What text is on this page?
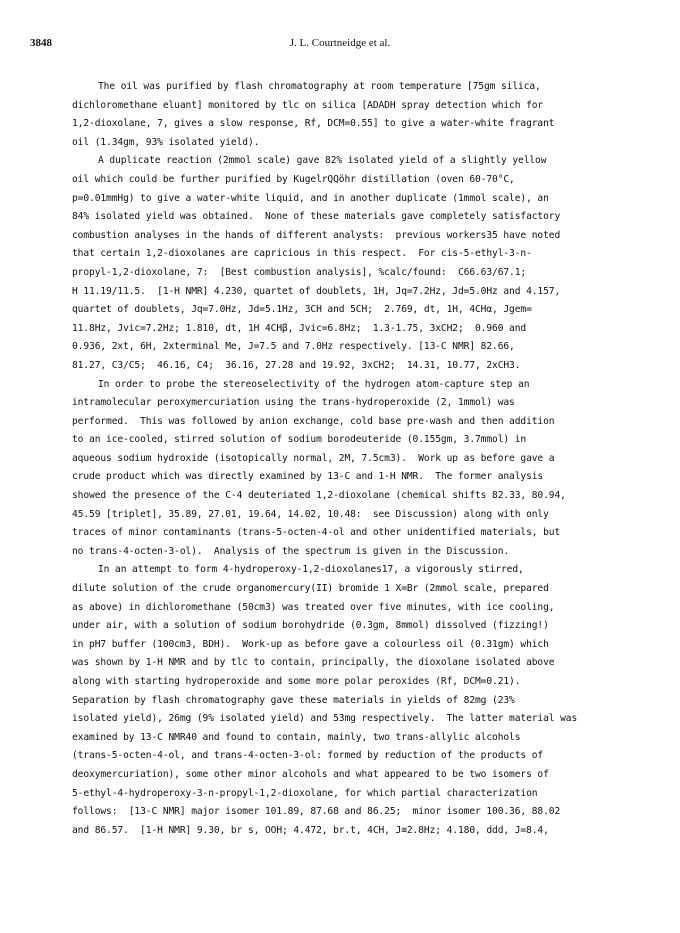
3848	J. L. Courtneidge et al.
The oil was purified by flash chromatography at room temperature [75gm silica,
dichloromethane eluant] monitored by tlc on silica [ADADH spray detection which for
1,2-dioxolane, 7, gives a slow response, Rf, DCM=0.55] to give a water-white fragrant
oil (1.34gm, 93% isolated yield).
A duplicate reaction (2mmol scale) gave 82% isolated yield of a slightly yellow
oil which could be further purified by KugelrQQöhr distillation (oven 60-70°C,
p=0.01mmHg) to give a water-white liquid, and in another duplicate (1mmol scale), an
84% isolated yield was obtained.  None of these materials gave completely satisfactory
combustion analyses in the hands of different analysts:  previous workers35 have noted
that certain 1,2-dioxolanes are capricious in this respect.  For cis-5-ethyl-3-n-
propyl-1,2-dioxolane, 7:  [Best combustion analysis], %calc/found:  C66.63/67.1;
H 11.19/11.5.  [1-H NMR] 4.230, quartet of doublets, 1H, Jq=7.2Hz, Jd=5.0Hz and 4.157,
quartet of doublets, Jq=7.0Hz, Jd=5.1Hz, 3CH and 5CH;  2.769, dt, 1H, 4CHα, Jgem=
11.8Hz, Jvic=7.2Hz; 1.810, dt, 1H 4CHβ, Jvic=6.8Hz;  1.3-1.75, 3xCH2;  0.960 and
0.936, 2xt, 6H, 2xterminal Me, J=7.5 and 7.0Hz respectively. [13-C NMR] 82.66,
81.27, C3/C5;  46.16, C4;  36.16, 27.28 and 19.92, 3xCH2;  14.31, 10.77, 2xCH3.
In order to probe the stereoselectivity of the hydrogen atom-capture step an
intramolecular peroxymercuriation using the trans-hydroperoxide (2, 1mmol) was
performed.  This was followed by anion exchange, cold base pre-wash and then addition
to an ice-cooled, stirred solution of sodium borodeuteride (0.155gm, 3.7mmol) in
aqueous sodium hydroxide (isotopically normal, 2M, 7.5cm3).  Work up as before gave a
crude product which was directly examined by 13-C and 1-H NMR.  The former analysis
showed the presence of the C-4 deuteriated 1,2-dioxolane (chemical shifts 82.33, 80.94,
45.59 [triplet], 35.89, 27.01, 19.64, 14.02, 10.48:  see Discussion) along with only
traces of minor contaminants (trans-5-octen-4-ol and other unidentified materials, but
no trans-4-octen-3-ol).  Analysis of the spectrum is given in the Discussion.
In an attempt to form 4-hydroperoxy-1,2-dioxolanes17, a vigorously stirred,
dilute solution of the crude organomercury(II) bromide 1 X=Br (2mmol scale, prepared
as above) in dichloromethane (50cm3) was treated over five minutes, with ice cooling,
under air, with a solution of sodium borohydride (0.3gm, 8mmol) dissolved (fizzing!)
in pH7 buffer (100cm3, BDH).  Work-up as before gave a colourless oil (0.31gm) which
was shown by 1-H NMR and by tlc to contain, principally, the dioxolane isolated above
along with starting hydroperoxide and some more polar peroxides (Rf, DCM=0.21).
Separation by flash chromatography gave these materials in yields of 82mg (23%
isolated yield), 26mg (9% isolated yield) and 53mg respectively.  The latter material was
examined by 13-C NMR40 and found to contain, mainly, two trans-allylic alcohols
(trans-5-octen-4-ol, and trans-4-octen-3-ol: formed by reduction of the products of
deoxymercuriation), some other minor alcohols and what appeared to be two isomers of
5-ethyl-4-hydroperoxy-3-n-propyl-1,2-dioxolane, for which partial characterization
follows:  [13-C NMR] major isomer 101.89, 87.68 and 86.25;  minor isomer 100.36, 88.02
and 86.57.  [1-H NMR] 9.30, br s, OOH; 4.472, br.t, 4CH, J≅2.8Hz; 4.180, ddd, J=8.4,
